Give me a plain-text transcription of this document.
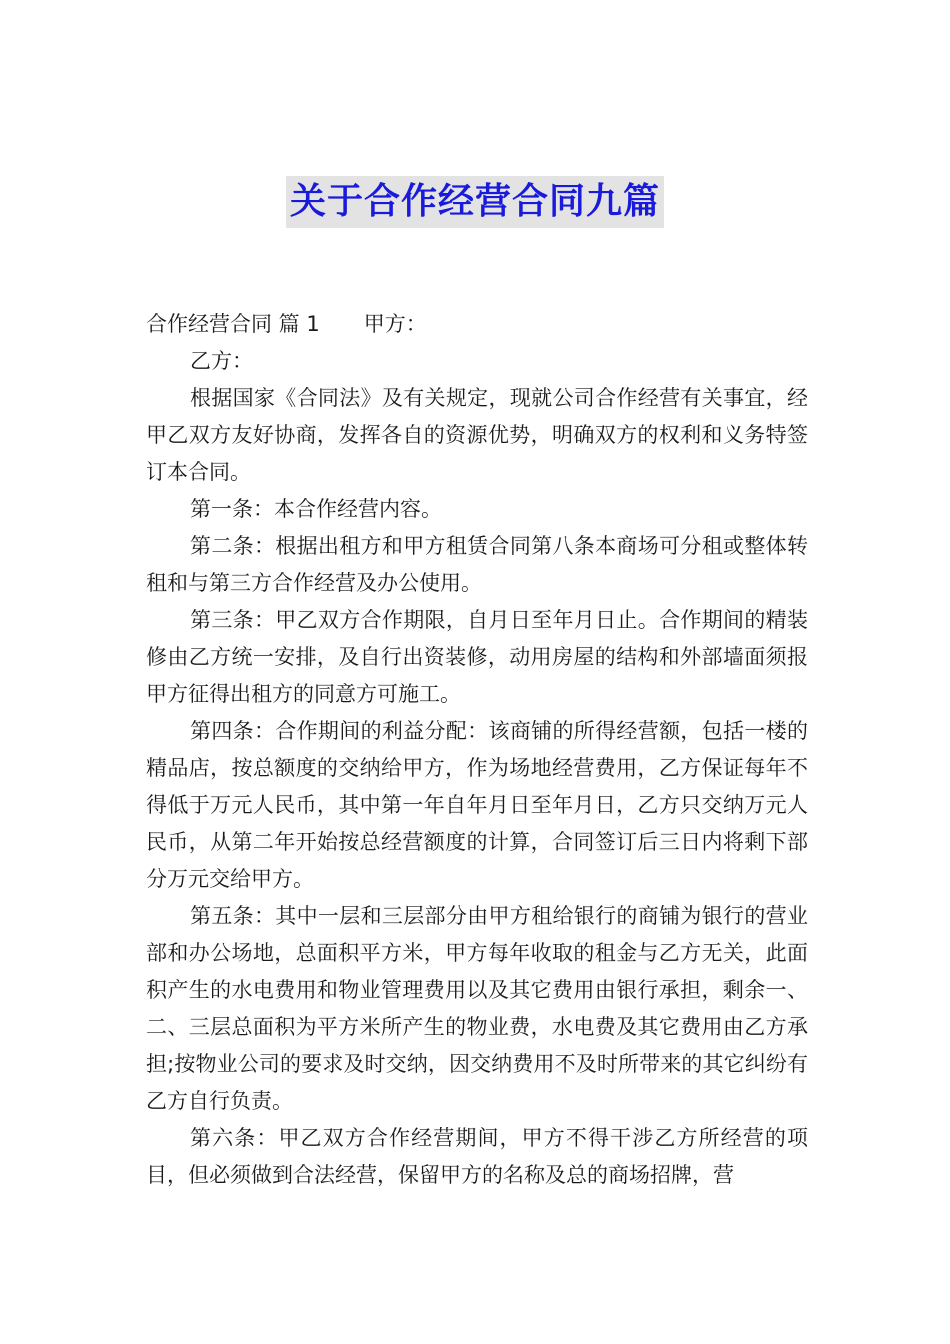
关于合作经营合同九篇

合作经营合同 篇 1 甲方：

乙方：

根据国家《合同法》及有关规定，现就公司合作经营有关事宜，经甲乙双方友好协商，发挥各自的资源优势，明确双方的权利和义务特签订本合同。

第一条：本合作经营内容。

第二条：根据出租方和甲方租赁合同第八条本商场可分租或整体转租和与第三方合作经营及办公使用。

第三条：甲乙双方合作期限，自月日至年月日止。合作期间的精装修由乙方统一安排，及自行出资装修，动用房屋的结构和外部墙面须报甲方征得出租方的同意方可施工。

第四条：合作期间的利益分配：该商铺的所得经营额，包括一楼的精品店，按总额度的交纳给甲方，作为场地经营费用，乙方保证每年不得低于万元人民币，其中第一年自年月日至年月日，乙方只交纳万元人民币，从第二年开始按总经营额度的计算，合同签订后三日内将剩下部分万元交给甲方。

第五条：其中一层和三层部分由甲方租给银行的商铺为银行的营业部和办公场地，总面积平方米，甲方每年收取的租金与乙方无关，此面积产生的水电费用和物业管理费用以及其它费用由银行承担，剩余一、二、三层总面积为平方米所产生的物业费，水电费及其它费用由乙方承担;按物业公司的要求及时交纳，因交纳费用不及时所带来的其它纠纷有乙方自行负责。

第六条：甲乙双方合作经营期间，甲方不得干涉乙方所经营的项目，但必须做到合法经营，保留甲方的名称及总的商场招牌，营
